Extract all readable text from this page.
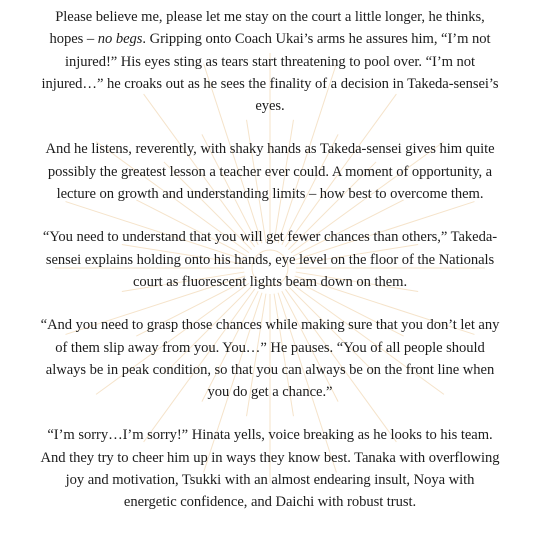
Please believe me, please let me stay on the court a little longer, he thinks, hopes – no begs. Gripping onto Coach Ukai’s arms he assures him, “I’m not injured!” His eyes sting as tears start threatening to pool over. “I’m not injured…” he croaks out as he sees the finality of a decision in Takeda-sensei’s eyes.

And he listens, reverently, with shaky hands as Takeda-sensei gives him quite possibly the greatest lesson a teacher ever could. A moment of opportunity, a lecture on growth and understanding limits – how best to overcome them.

“You need to understand that you will get fewer chances than others,” Takeda-sensei explains holding onto his hands, eye level on the floor of the Nationals court as fluorescent lights beam down on them.

“And you need to grasp those chances while making sure that you don’t let any of them slip away from you. You…” He pauses. “You of all people should always be in peak condition, so that you can always be on the front line when you do get a chance.”

“I’m sorry…I’m sorry!” Hinata yells, voice breaking as he looks to his team. And they try to cheer him up in ways they know best. Tanaka with overflowing joy and motivation, Tsukki with an almost endearing insult, Noya with energetic confidence, and Daichi with robust trust.
